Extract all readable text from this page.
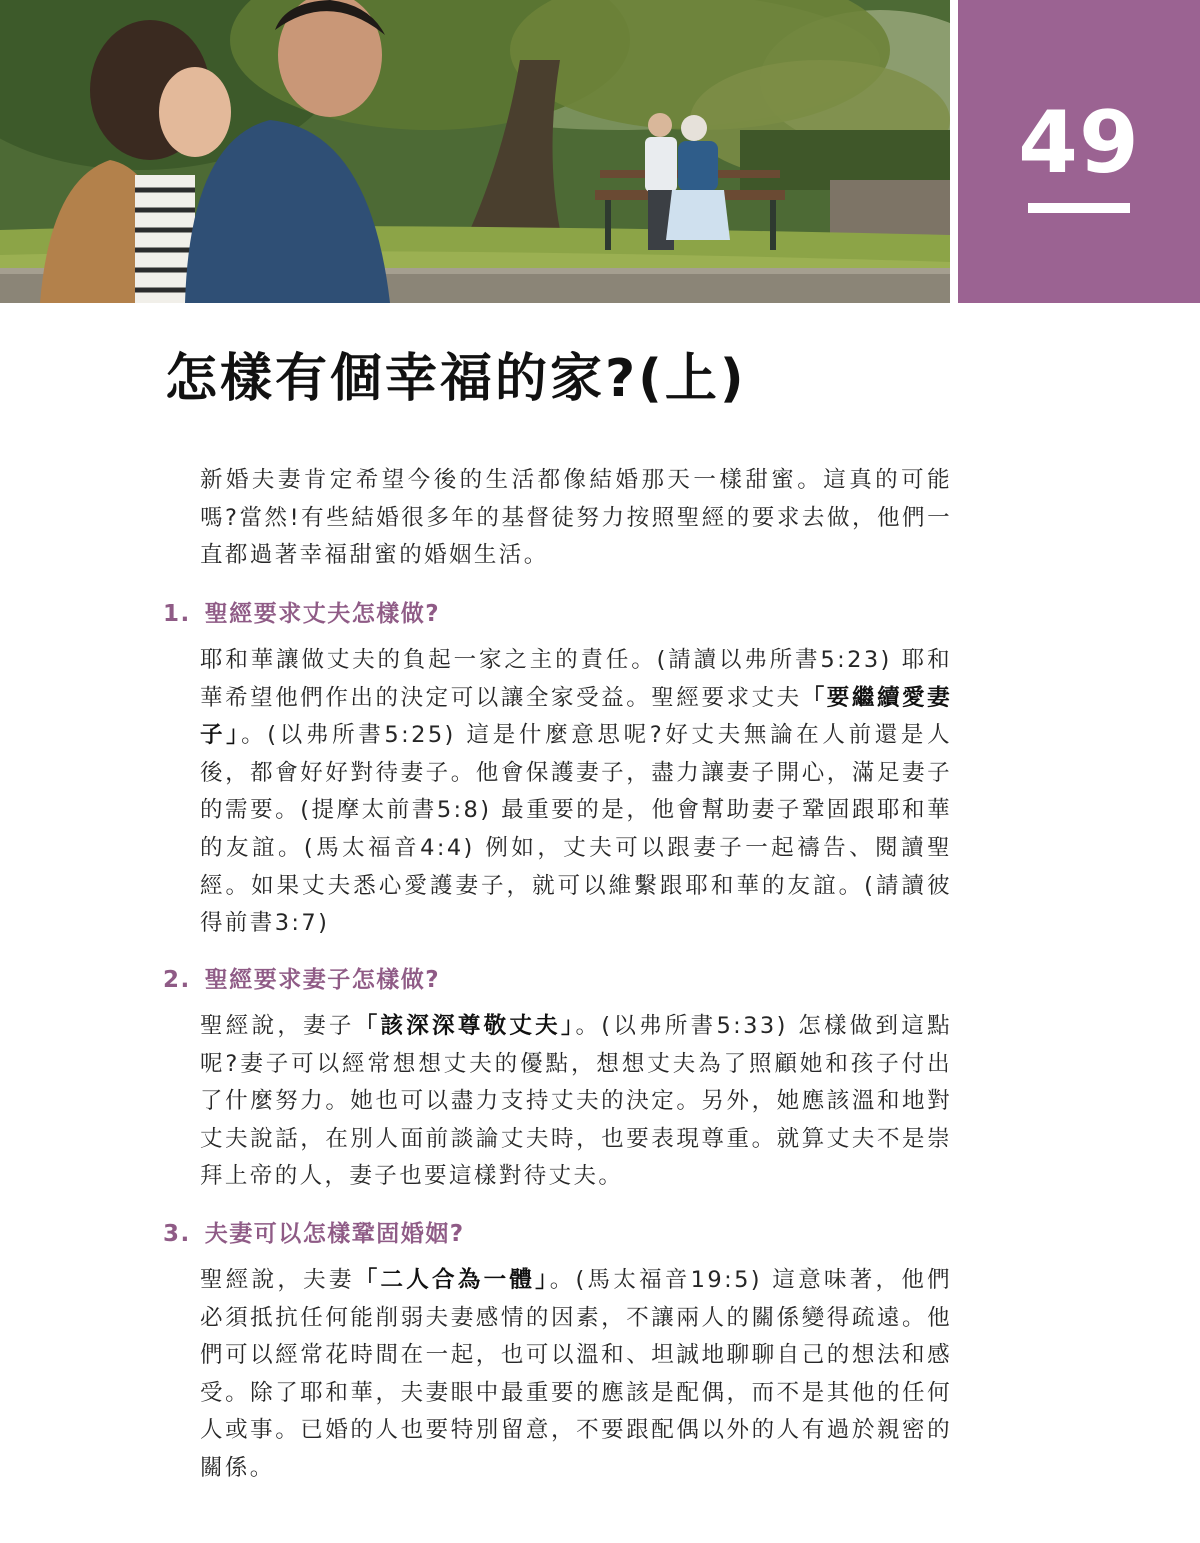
49
怎樣有個幸福的家?(上)

新婚夫妻肯定希望今後的生活都像結婚那天一樣甜蜜。這真的可能嗎?當然!有些結婚很多年的基督徒努力按照聖經的要求去做，他們一直都過著幸福甜蜜的婚姻生活。

1. 聖經要求丈夫怎樣做?

耶和華讓做丈夫的負起一家之主的責任。(請讀以弗所書5:23) 耶和華希望他們作出的決定可以讓全家受益。聖經要求丈夫「要繼續愛妻子」。(以弗所書5:25) 這是什麼意思呢?好丈夫無論在人前還是人後，都會好好對待妻子。他會保護妻子，盡力讓妻子開心，滿足妻子的需要。(提摩太前書5:8) 最重要的是，他會幫助妻子鞏固跟耶和華的友誼。(馬太福音4:4) 例如，丈夫可以跟妻子一起禱告、閱讀聖經。如果丈夫悉心愛護妻子，就可以維繫跟耶和華的友誼。(請讀彼得前書3:7)

2. 聖經要求妻子怎樣做?

聖經說，妻子「該深深尊敬丈夫」。(以弗所書5:33) 怎樣做到這點呢?妻子可以經常想想丈夫的優點，想想丈夫為了照顧她和孩子付出了什麼努力。她也可以盡力支持丈夫的決定。另外，她應該溫和地對丈夫說話，在別人面前談論丈夫時，也要表現尊重。就算丈夫不是崇拜上帝的人，妻子也要這樣對待丈夫。

3. 夫妻可以怎樣鞏固婚姻?

聖經說，夫妻「二人合為一體」。(馬太福音19:5) 這意味著，他們必須抵抗任何能削弱夫妻感情的因素，不讓兩人的關係變得疏遠。他們可以經常花時間在一起，也可以溫和、坦誠地聊聊自己的想法和感受。除了耶和華，夫妻眼中最重要的應該是配偶，而不是其他的任何人或事。已婚的人也要特別留意，不要跟配偶以外的人有過於親密的關係。
